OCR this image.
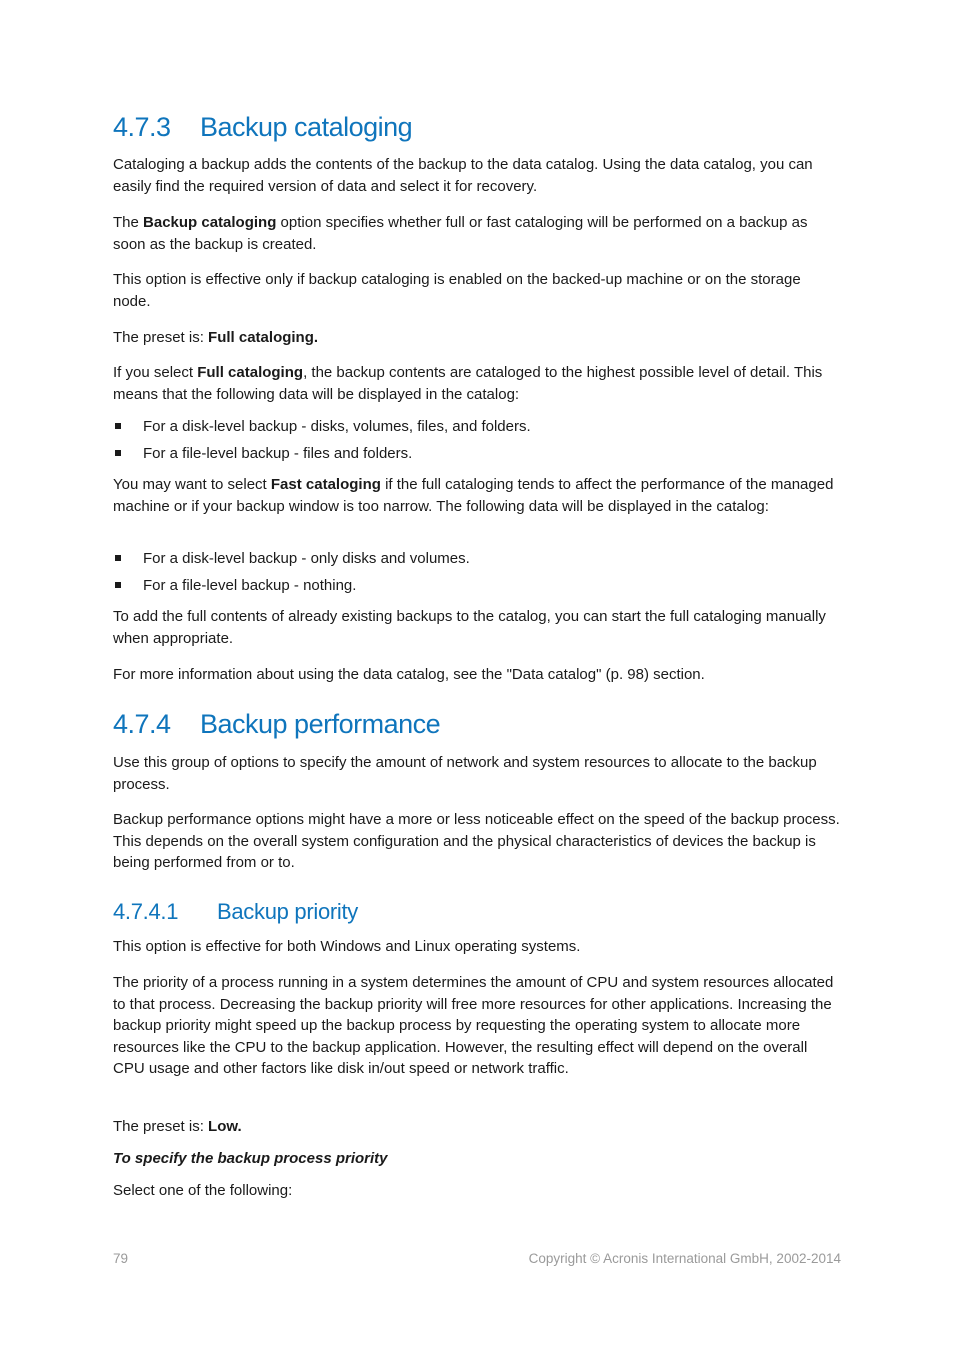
4.7.3 Backup cataloging

Cataloging a backup adds the contents of the backup to the data catalog. Using the data catalog, you can easily find the required version of data and select it for recovery.

The Backup cataloging option specifies whether full or fast cataloging will be performed on a backup as soon as the backup is created.

This option is effective only if backup cataloging is enabled on the backed-up machine or on the storage node.

The preset is: Full cataloging.

If you select Full cataloging, the backup contents are cataloged to the highest possible level of detail. This means that the following data will be displayed in the catalog:

For a disk-level backup - disks, volumes, files, and folders.
For a file-level backup - files and folders.

You may want to select Fast cataloging if the full cataloging tends to affect the performance of the managed machine or if your backup window is too narrow. The following data will be displayed in the catalog:

For a disk-level backup - only disks and volumes.
For a file-level backup - nothing.

To add the full contents of already existing backups to the catalog, you can start the full cataloging manually when appropriate.

For more information about using the data catalog, see the "Data catalog" (p. 98) section.

4.7.4 Backup performance

Use this group of options to specify the amount of network and system resources to allocate to the backup process.

Backup performance options might have a more or less noticeable effect on the speed of the backup process. This depends on the overall system configuration and the physical characteristics of devices the backup is being performed from or to.

4.7.4.1 Backup priority

This option is effective for both Windows and Linux operating systems.

The priority of a process running in a system determines the amount of CPU and system resources allocated to that process. Decreasing the backup priority will free more resources for other applications. Increasing the backup priority might speed up the backup process by requesting the operating system to allocate more resources like the CPU to the backup application. However, the resulting effect will depend on the overall CPU usage and other factors like disk in/out speed or network traffic.

The preset is: Low.

To specify the backup process priority

Select one of the following:

79	Copyright © Acronis International GmbH, 2002-2014
